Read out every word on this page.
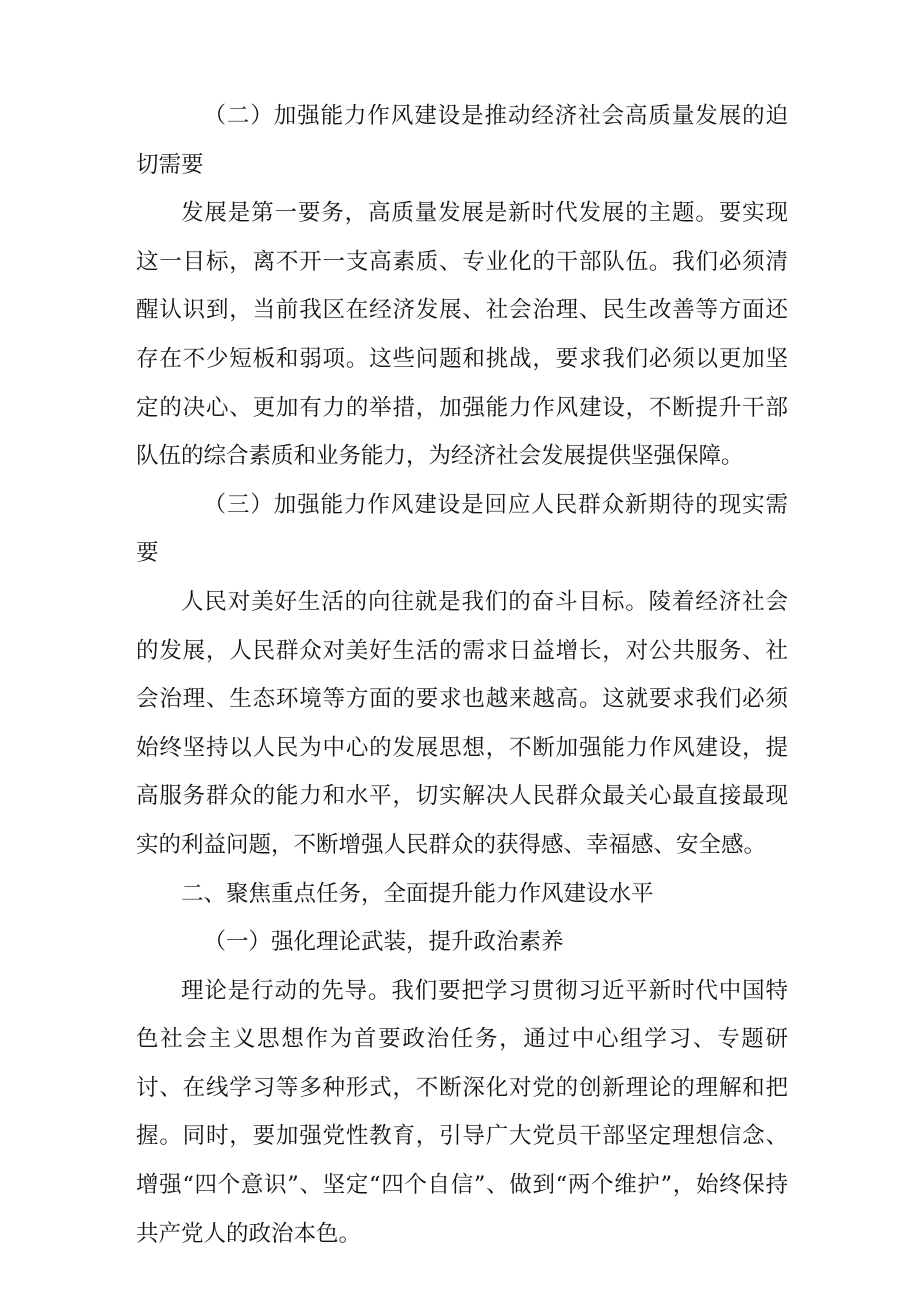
（二）加强能力作风建设是推动经济社会高质量发展的迫切需要

发展是第一要务，高质量发展是新时代发展的主题。要实现这一目标，离不开一支高素质、专业化的干部队伍。我们必须清醒认识到，当前我区在经济发展、社会治理、民生改善等方面还存在不少短板和弱项。这些问题和挑战，要求我们必须以更加坚定的决心、更加有力的举措，加强能力作风建设，不断提升干部队伍的综合素质和业务能力，为经济社会发展提供坚强保障。

（三）加强能力作风建设是回应人民群众新期待的现实需要

人民对美好生活的向往就是我们的奋斗目标。陵着经济社会的发展，人民群众对美好生活的需求日益增长，对公共服务、社会治理、生态环境等方面的要求也越来越高。这就要求我们必须始终坚持以人民为中心的发展思想，不断加强能力作风建设，提高服务群众的能力和水平，切实解决人民群众最关心最直接最现实的利益问题，不断增强人民群众的获得感、幸福感、安全感。

二、聚焦重点任务，全面提升能力作风建设水平

（一）强化理论武装，提升政治素养

理论是行动的先导。我们要把学习贯彻习近平新时代中国特色社会主义思想作为首要政治任务，通过中心组学习、专题研讨、在线学习等多种形式，不断深化对党的创新理论的理解和把握。同时，要加强党性教育，引导广大党员干部坚定理想信念、增强“四个意识”、坚定“四个自信”、做到“两个维护”，始终保持共产党人的政治本色。
